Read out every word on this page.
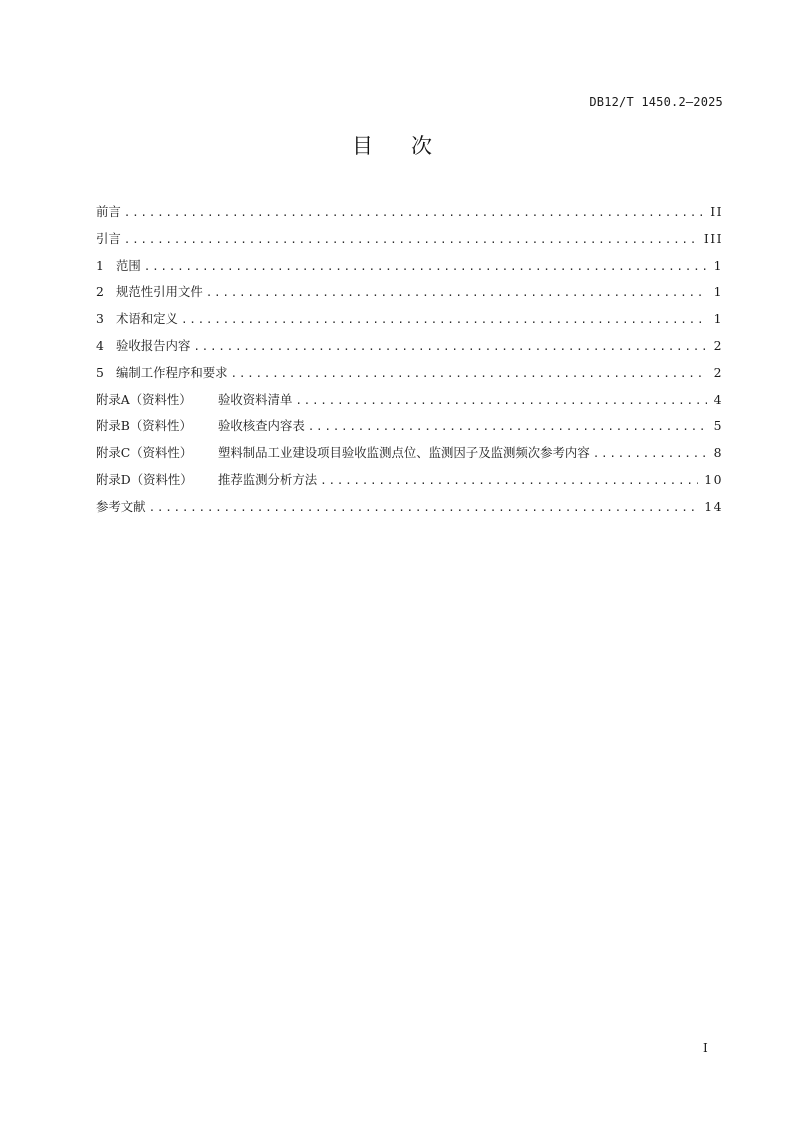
DB12/T 1450.2—2025
目次
前言 .....	II
引言 .....	III
1 范围 .....	1
2 规范性引用文件 .....	1
3 术语和定义 .....	1
4 验收报告内容 .....	2
5 编制工作程序和要求 .....	2
附录A（资料性）	验收资料清单 .....	4
附录B（资料性）	验收核查内容表 .....	5
附录C（资料性）	塑料制品工业建设项目验收监测点位、监测因子及监测频次参考内容 .....	8
附录D（资料性）	推荐监测分析方法 .....	10
参考文献 .....	14
I
